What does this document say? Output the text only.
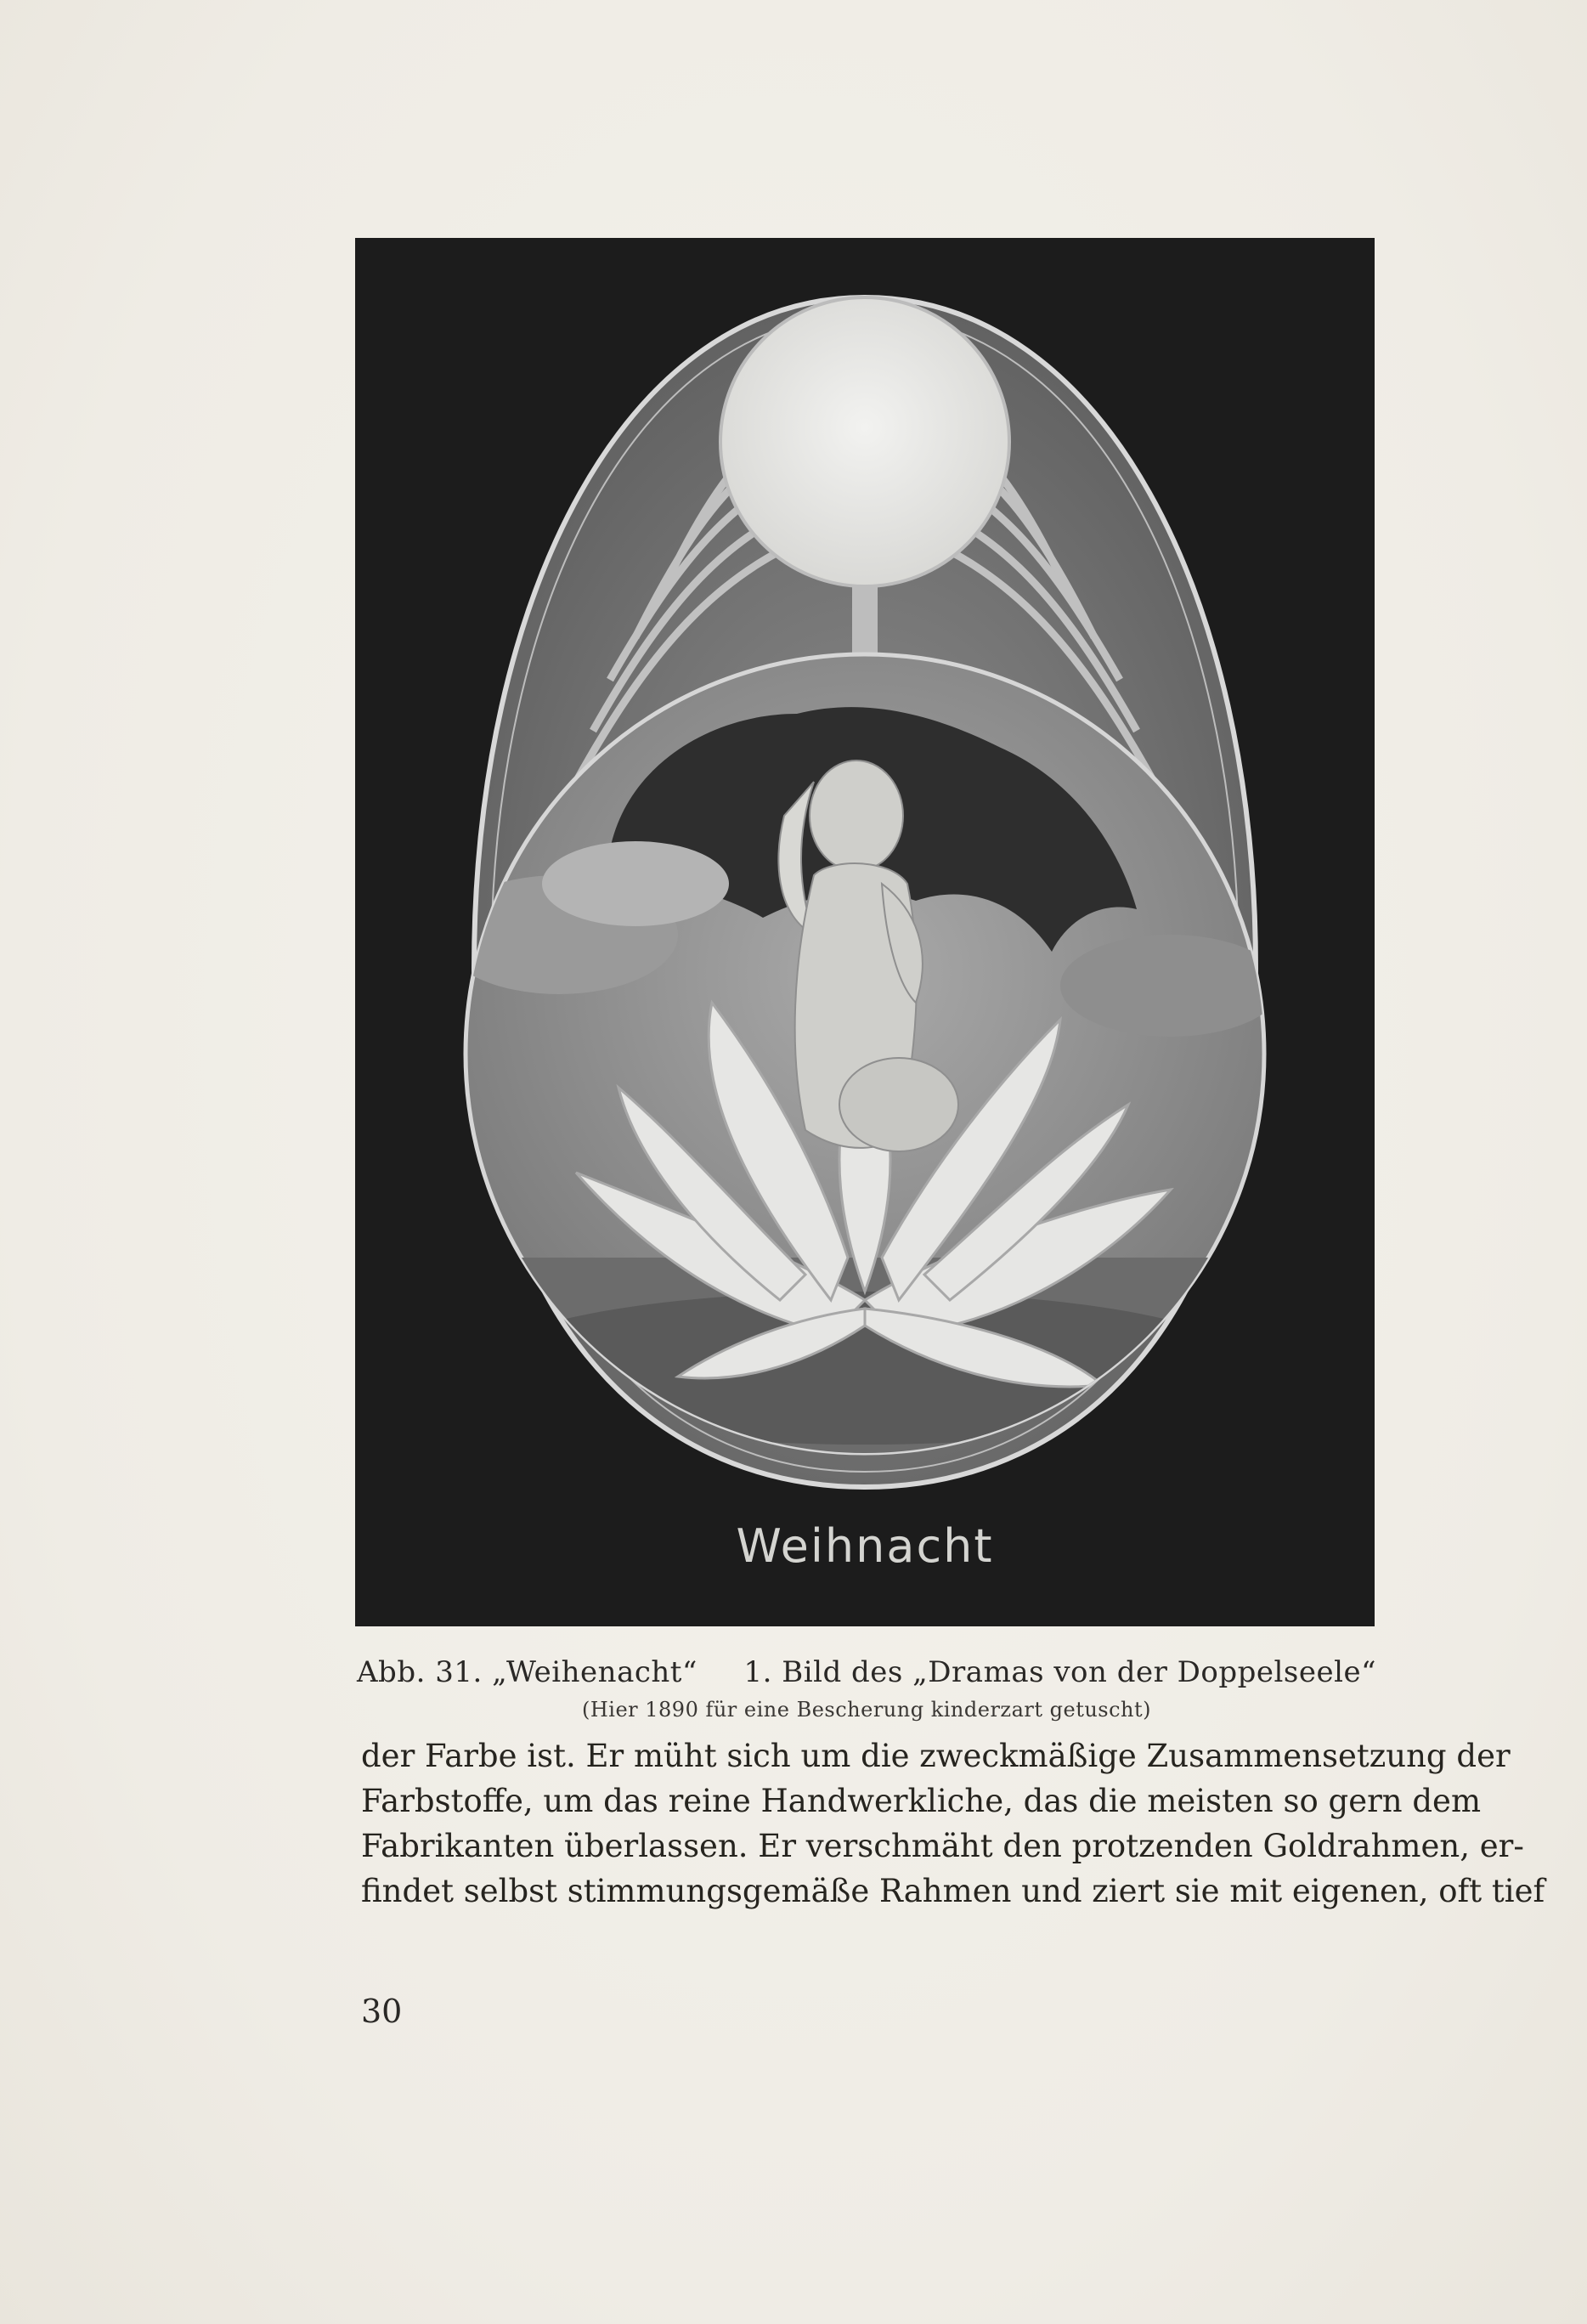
Weihnacht
Abb. 31. „Weihenacht“ 1. Bild des „Dramas von der Doppelseele“
(Hier 1890 für eine Bescherung kinderzart getuscht)
der Farbe ist. Er müht sich um die zweckmäßige Zusammensetzung der
Farbstoffe, um das reine Handwerkliche, das die meisten so gern dem
Fabrikanten überlassen. Er verschmäht den protzenden Goldrahmen, er-
findet selbst stimmungsgemäße Rahmen und ziert sie mit eigenen, oft tief
30
